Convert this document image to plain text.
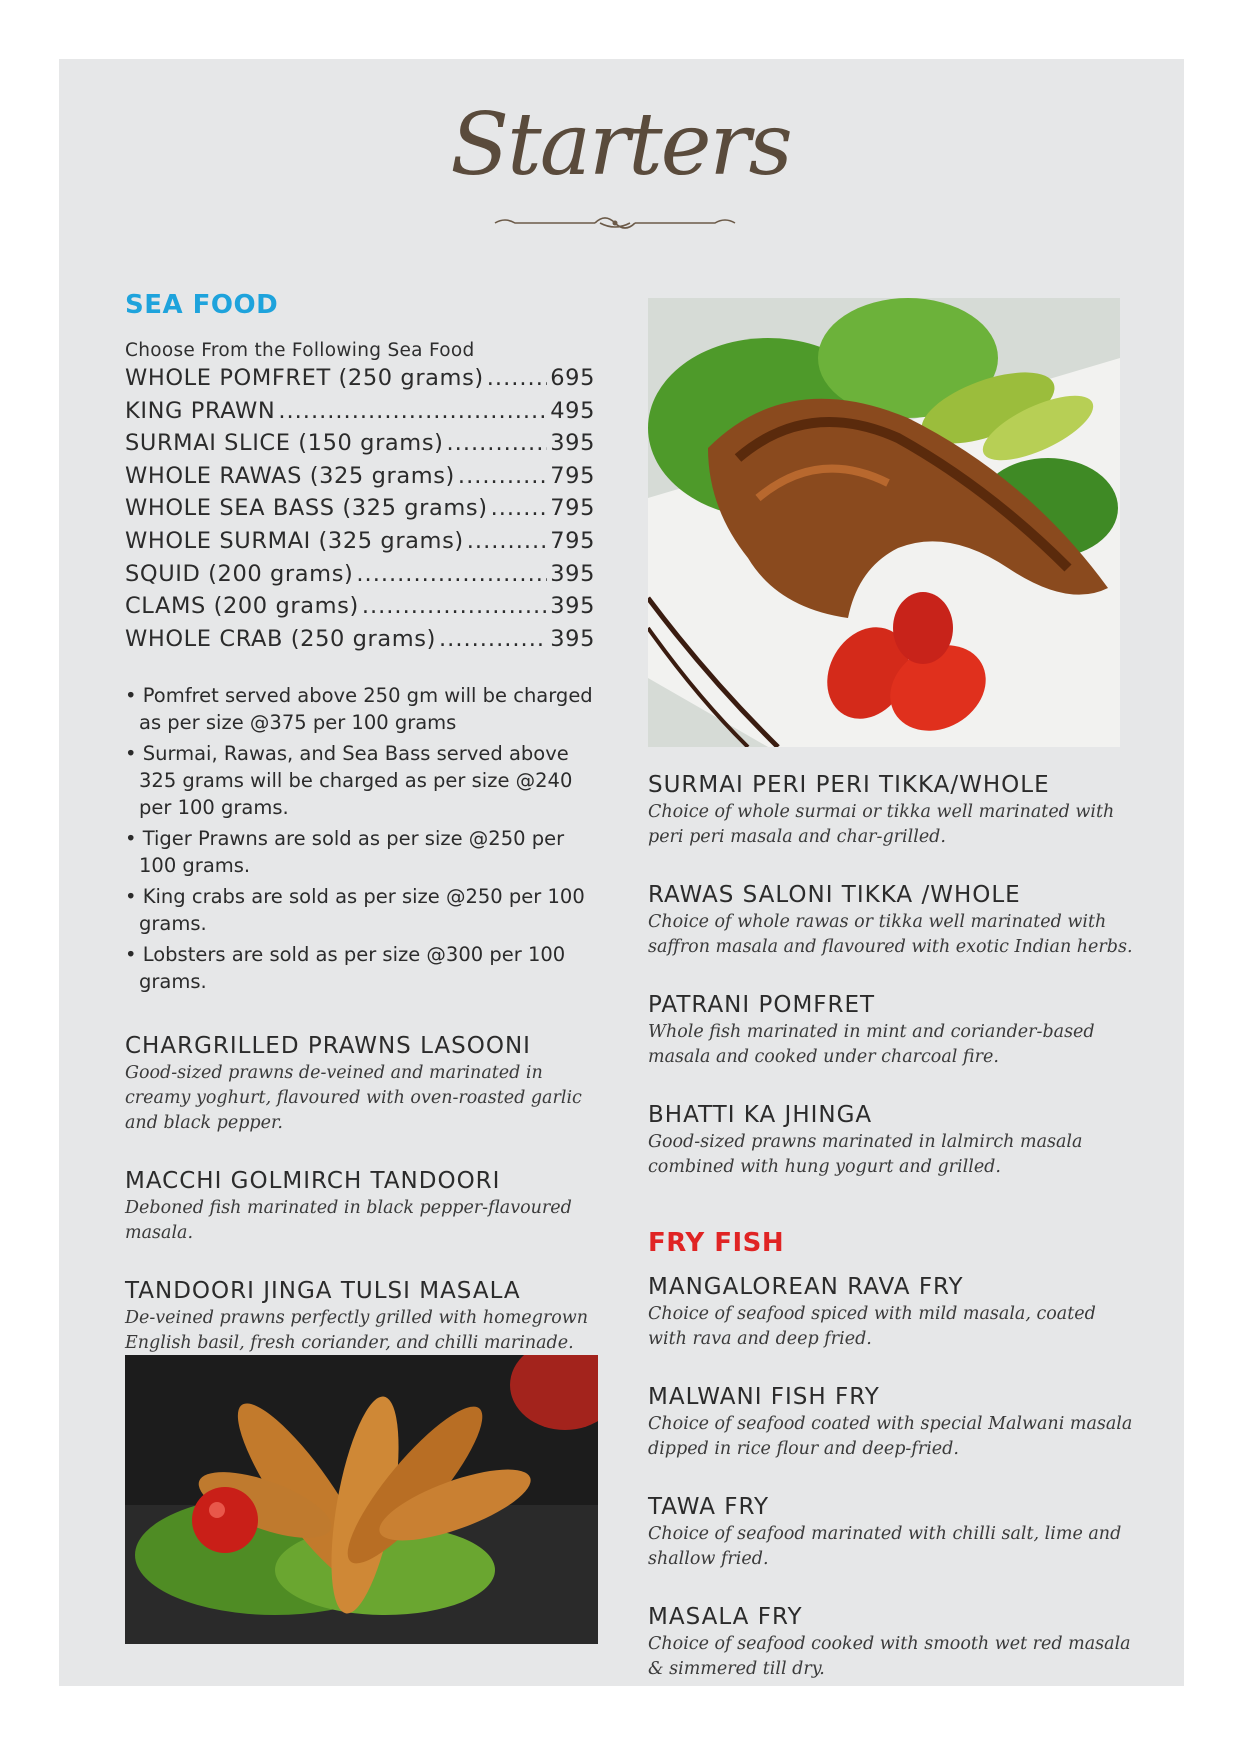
Starters
SEA FOOD
Choose From the Following Sea Food
WHOLE POMFRET (250 grams) .....	695
KING PRAWN .....	495
SURMAI SLICE (150 grams) .....	395
WHOLE RAWAS (325 grams) .....	795
WHOLE SEA BASS (325 grams) .....	795
WHOLE SURMAI (325 grams) .....	795
SQUID (200 grams) .....	395
CLAMS (200 grams) .....	395
WHOLE CRAB (250 grams) .....	395
• Pomfret served above 250 gm will be charged as per size @375 per 100 grams
• Surmai, Rawas, and Sea Bass served above 325 grams will be charged as per size @240 per 100 grams.
• Tiger Prawns are sold as per size @250 per 100 grams.
• King crabs are sold as per size @250 per 100 grams.
• Lobsters are sold as per size @300 per 100 grams.
CHARGRILLED PRAWNS LASOONI
Good-sized prawns de-veined and marinated in creamy yoghurt, flavoured with oven-roasted garlic and black pepper.
MACCHI GOLMIRCH TANDOORI
Deboned fish marinated in black pepper-flavoured masala.
TANDOORI JINGA TULSI MASALA
De-veined prawns perfectly grilled with homegrown English basil, fresh coriander, and chilli marinade.
SURMAI PERI PERI TIKKA/WHOLE
Choice of whole surmai or tikka well marinated with peri peri masala and char-grilled.
RAWAS SALONI TIKKA /WHOLE
Choice of whole rawas or tikka well marinated with saffron masala and flavoured with exotic Indian herbs.
PATRANI POMFRET
Whole fish marinated in mint and coriander-based masala and cooked under charcoal fire.
BHATTI KA JHINGA
Good-sized prawns marinated in lalmirch masala combined with hung yogurt and grilled.
FRY FISH
MANGALOREAN RAVA FRY
Choice of seafood spiced with mild masala, coated with rava and deep fried.
MALWANI FISH FRY
Choice of seafood coated with special Malwani masala dipped in rice flour and deep-fried.
TAWA FRY
Choice of seafood marinated with chilli salt, lime and shallow fried.
MASALA FRY
Choice of seafood cooked with smooth wet red masala & simmered till dry.
